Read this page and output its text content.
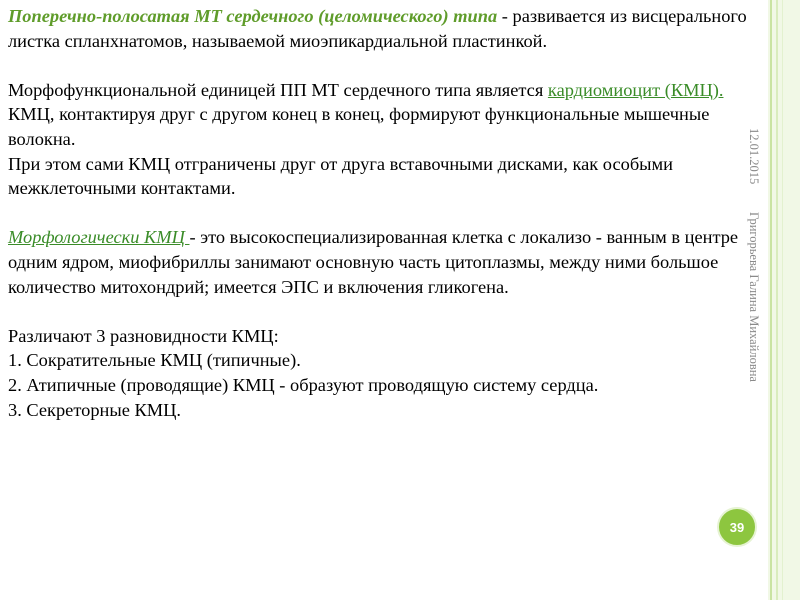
12.01.2015
Григорьева Галина Михайловна

Поперечно-полосатая МТ сердечного (целомического) типа - развивается из висцерального листка спланхнатомов, называемой миоэпикардиальной пластинкой.

Морфофункциональной единицей ПП МТ сердечного типа является кардиомиоцит (КМЦ). КМЦ, контактируя друг с другом конец в конец, формируют функциональные мышечные волокна.

При этом сами КМЦ отграничены друг от друга вставочными дисками, как особыми межклеточными контактами.

Морфологически КМЦ - это высокоспециализированная клетка с локализо - ванным в центре одним ядром, миофибриллы занимают основную часть цитоплазмы, между ними большое количество митохондрий; имеется ЭПС и включения гликогена.

Различают 3 разновидности КМЦ:

1. Сократительные КМЦ (типичные).

2. Атипичные (проводящие) КМЦ - образуют проводящую систему сердца.

3. Секреторные КМЦ.

39
